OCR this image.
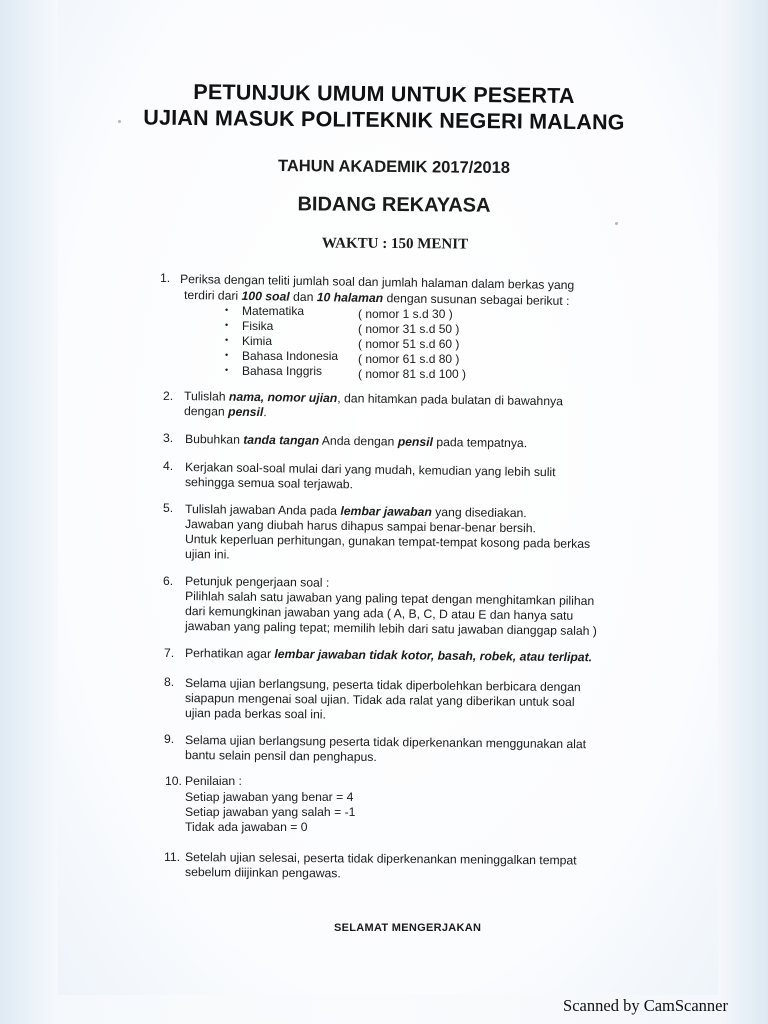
PETUNJUK UMUM UNTUK PESERTA
UJIAN MASUK POLITEKNIK NEGERI MALANG
TAHUN AKADEMIK 2017/2018
BIDANG REKAYASA
WAKTU : 150 MENIT
1. Periksa dengan teliti jumlah soal dan jumlah halaman dalam berkas yang
terdiri dari 100 soal dan 10 halaman dengan susunan sebagai berikut :
• Matematika	( nomor 1 s.d 30 )
• Fisika	( nomor 31 s.d 50 )
• Kimia	( nomor 51 s.d 60 )
• Bahasa Indonesia ( nomor 61 s.d 80 )
• Bahasa Inggris	( nomor 81 s.d 100 )
2. Tulislah nama, nomor ujian, dan hitamkan pada bulatan di bawahnya
dengan pensil.
3. Bubuhkan tanda tangan Anda dengan pensil pada tempatnya.
4. Kerjakan soal-soal mulai dari yang mudah, kemudian yang lebih sulit
sehingga semua soal terjawab.
5. Tulislah jawaban Anda pada lembar jawaban yang disediakan.
Jawaban yang diubah harus dihapus sampai benar-benar bersih.
Untuk keperluan perhitungan, gunakan tempat-tempat kosong pada berkas
ujian ini.
6. Petunjuk pengerjaan soal :
Pilihlah salah satu jawaban yang paling tepat dengan menghitamkan pilihan
dari kemungkinan jawaban yang ada ( A, B, C, D atau E dan hanya satu
jawaban yang paling tepat; memilih lebih dari satu jawaban dianggap salah )
7. Perhatikan agar lembar jawaban tidak kotor, basah, robek, atau terlipat.
8. Selama ujian berlangsung, peserta tidak diperbolehkan berbicara dengan
siapapun mengenai soal ujian. Tidak ada ralat yang diberikan untuk soal
ujian pada berkas soal ini.
9. Selama ujian berlangsung peserta tidak diperkenankan menggunakan alat
bantu selain pensil dan penghapus.
10. Penilaian :
Setiap jawaban yang benar = 4
Setiap jawaban yang salah = -1
Tidak ada jawaban = 0
11. Setelah ujian selesai, peserta tidak diperkenankan meninggalkan tempat
sebelum diijinkan pengawas.
SELAMAT MENGERJAKAN
Scanned by CamScanner
